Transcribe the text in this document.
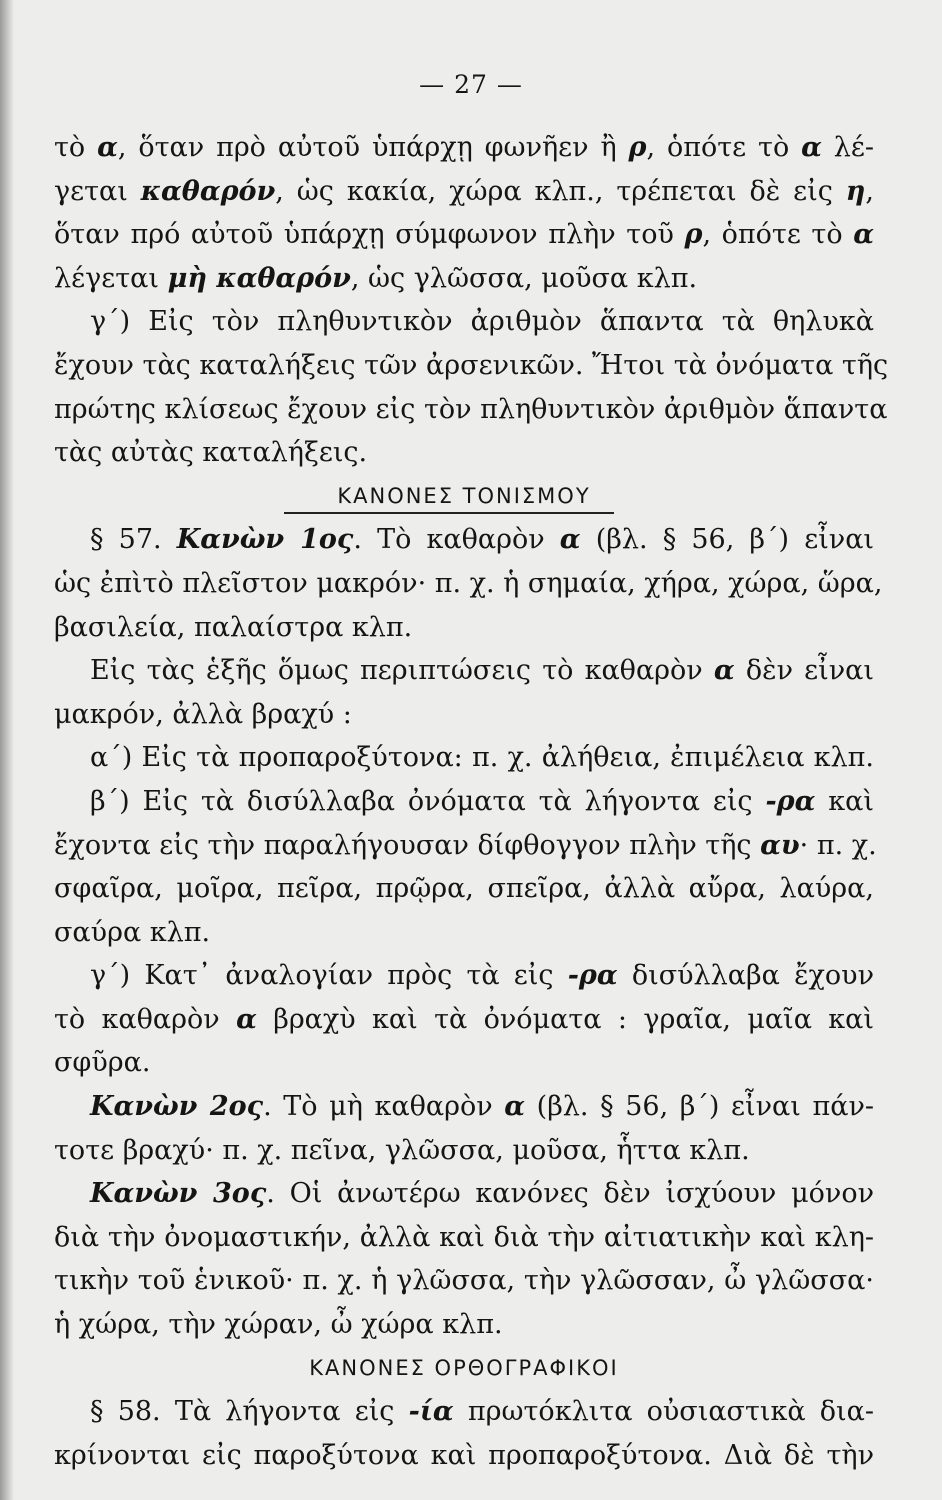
— 27 —
τὸ α, ὅταν πρὸ αὐτοῦ ὑπάρχῃ φωνῆεν ἢ ρ, ὁπότε τὸ α λέ-
γεται καθαρόν, ὡς κακία, χώρα κλπ., τρέπεται δὲ εἰς η,
ὅταν πρό αὐτοῦ ὑπάρχῃ σύμφωνον πλὴν τοῦ ρ, ὁπότε τὸ α
λέγεται μὴ καθαρόν, ὡς γλῶσσα, μοῦσα κλπ.
γ΄) Εἰς τὸν πληθυντικὸν ἀριθμὸν ἅπαντα τὰ θηλυκὰ
ἔχουν τὰς καταλήξεις τῶν ἀρσενικῶν. Ἤτοι τὰ ὀνόματα τῆς
πρώτης κλίσεως ἔχουν εἰς τὸν πληθυντικὸν ἀριθμὸν ἅπαντα
τὰς αὐτὰς καταλήξεις.
ΚΑΝΟΝΕΣ ΤΟΝΙΣΜΟΥ
§ 57. Κανὼν 1ος. Τὸ καθαρὸν α (βλ. § 56, β΄) εἶναι
ὡς ἐπὶτὸ πλεῖστον μακρόν· π. χ. ἡ σημαία, χήρα, χώρα, ὥρα,
βασιλεία, παλαίστρα κλπ.
Εἰς τὰς ἑξῆς ὅμως περιπτώσεις τὸ καθαρὸν α δὲν εἶναι
μακρόν, ἀλλὰ βραχύ :
α΄) Εἰς τὰ προπαροξύτονα: π. χ. ἀλήθεια, ἐπιμέλεια κλπ.
β΄) Εἰς τὰ δισύλλαβα ὀνόματα τὰ λήγοντα εἰς -ρα καὶ
ἔχοντα εἰς τὴν παραλήγουσαν δίφθογγον πλὴν τῆς αυ· π. χ.
σφαῖρα, μοῖρα, πεῖρα, πρῷρα, σπεῖρα, ἀλλὰ αὔρα, λαύρα,
σαύρα κλπ.
γ΄) Κατ᾽ ἀναλογίαν πρὸς τὰ εἰς -ρα δισύλλαβα ἔχουν
τὸ καθαρὸν α βραχὺ καὶ τὰ ὀνόματα : γραῖα, μαῖα καὶ
σφῦρα.
Κανὼν 2ος. Τὸ μὴ καθαρὸν α (βλ. § 56, β΄) εἶναι πάν-
τοτε βραχύ· π. χ. πεῖνα, γλῶσσα, μοῦσα, ἧττα κλπ.
Κανὼν 3ος. Οἱ ἀνωτέρω κανόνες δὲν ἰσχύουν μόνον
διὰ τὴν ὀνομαστικήν, ἀλλὰ καὶ διὰ τὴν αἰτιατικὴν καὶ κλη-
τικὴν τοῦ ἑνικοῦ· π. χ. ἡ γλῶσσα, τὴν γλῶσσαν, ὦ γλῶσσα·
ἡ χώρα, τὴν χώραν, ὦ χώρα κλπ.
ΚΑΝΟΝΕΣ ΟΡΘΟΓΡΑΦΙΚΟΙ
§ 58. Τὰ λήγοντα εἰς -ία πρωτόκλιτα οὐσιαστικὰ δια-
κρίνονται εἰς παροξύτονα καὶ προπαροξύτονα. Διὰ δὲ τὴν
